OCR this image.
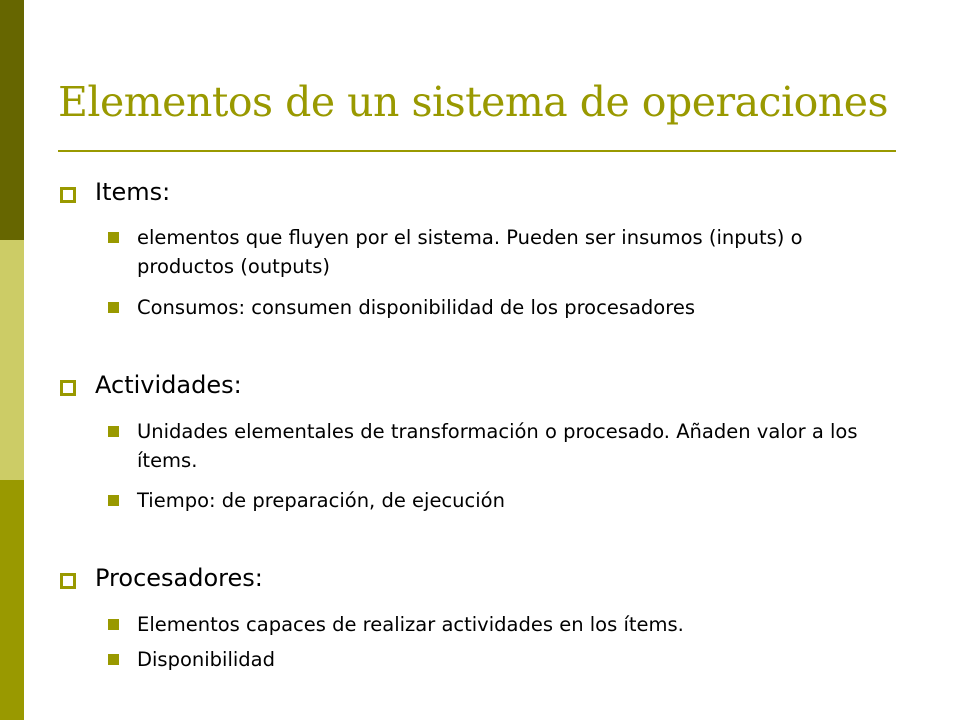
Elementos de un sistema de operaciones
Items:
elementos que fluyen por el sistema. Pueden ser insumos (inputs) o productos (outputs)
Consumos: consumen disponibilidad de los procesadores
Actividades:
Unidades elementales de transformación o procesado. Añaden valor a los ítems.
Tiempo: de preparación, de ejecución
Procesadores:
Elementos capaces de realizar actividades en los ítems.
Disponibilidad
